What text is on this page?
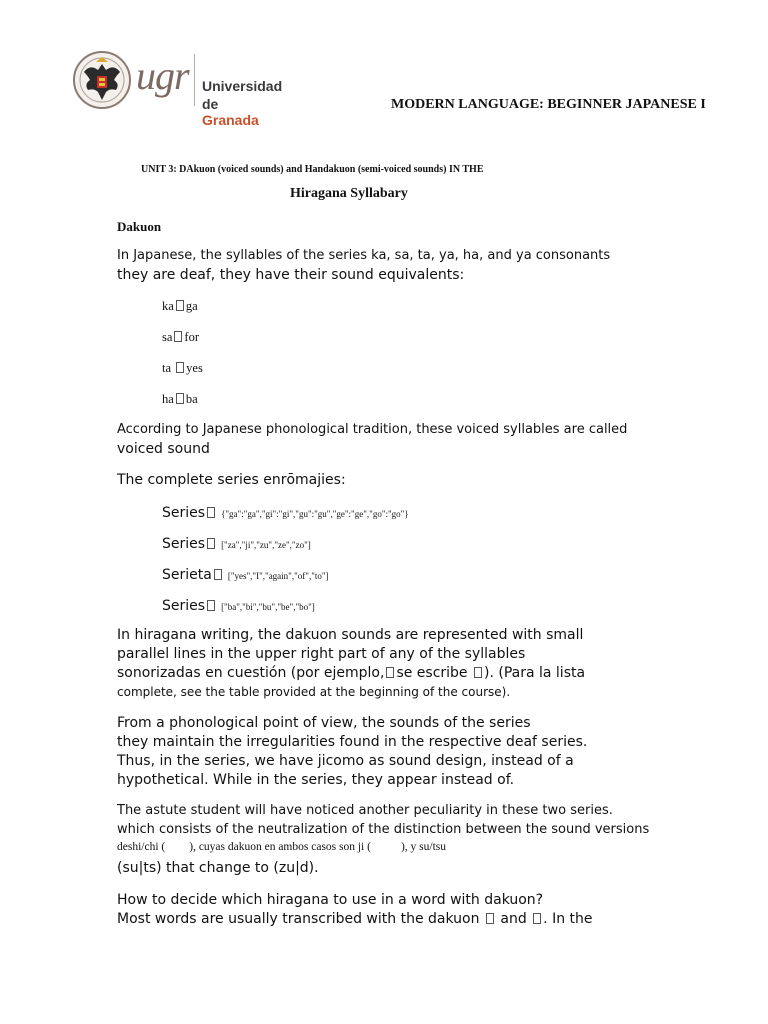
ugr Universidad
de Granada
MODERN LANGUAGE: BEGINNER JAPANESE I
UNIT 3: DAkuon (voiced sounds) and Handakuon (semi-voiced sounds) IN THE
Hiragana Syllabary
Dakuon
In Japanese, the syllables of the series ka, sa, ta, ya, ha, and ya consonants
they are deaf, they have their sound equivalents:
ka ga
sa for
ta yes
ha ba
According to Japanese phonological tradition, these voiced syllables are called
voiced sound
The complete series enrōmajies:
Series {"ga":"ga","gi":"gi","gu":"gu","ge":"ge","go":"go"}
Series ["za","ji","zu","ze","zo"]
Serieta ["yes","I","again","of","to"]
Series ["ba","bi","bu","be","bo"]
In hiragana writing, the dakuon sounds are represented with small
parallel lines in the upper right part of any of the syllables
sonorizadas en cuestión (por ejemplo, se escribe ). (Para la lista
complete, see the table provided at the beginning of the course).
From a phonological point of view, the sounds of the series
they maintain the irregularities found in the respective deaf series.
Thus, in the series, we have jicomo as sound design, instead of a
hypothetical. While in the series, they appear instead of.
The astute student will have noticed another peculiarity in these two series.
which consists of the neutralization of the distinction between the sound versions
deshi/chi ( ), cuyas dakuon en ambos casos son ji (	), y su/tsu
(su|ts) that change to (zu|d).
How to decide which hiragana to use in a word with dakuon?
Most words are usually transcribed with the dakuon and . In the
